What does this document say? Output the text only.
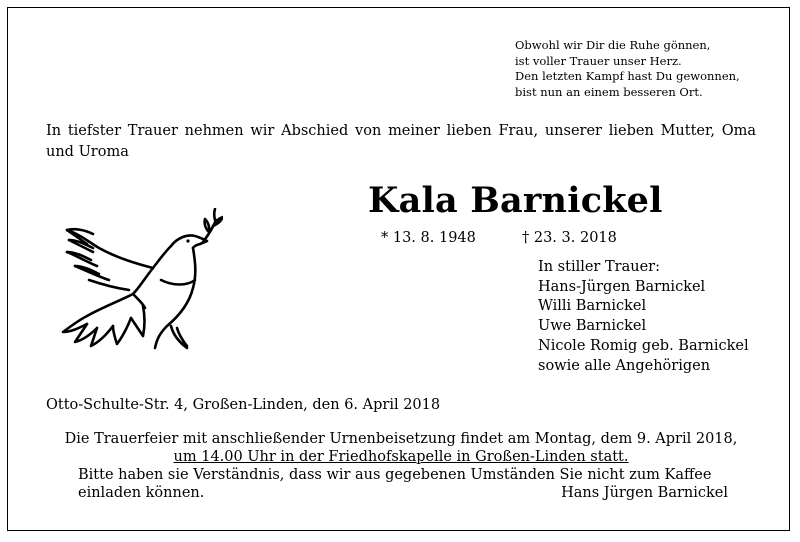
Obwohl wir Dir die Ruhe gönnen,
ist voller Trauer unser Herz.
Den letzten Kampf hast Du gewonnen,
bist nun an einem besseren Ort.
In tiefster Trauer nehmen wir Abschied von meiner lieben Frau, unserer lieben Mutter, Oma und Uroma
Kala Barnickel
* 13. 8. 1948	† 23. 3. 2018
In stiller Trauer:
Hans-Jürgen Barnickel
Willi Barnickel
Uwe Barnickel
Nicole Romig geb. Barnickel
sowie alle Angehörigen
Otto-Schulte-Str. 4, Großen-Linden, den 6. April 2018
Die Trauerfeier mit anschließender Urnenbeisetzung findet am Montag, dem 9. April 2018,
um 14.00 Uhr in der Friedhofskapelle in Großen-Linden statt.
Bitte haben sie Verständnis, dass wir aus gegebenen Umständen Sie nicht zum Kaffee
einladen können.	Hans Jürgen Barnickel
